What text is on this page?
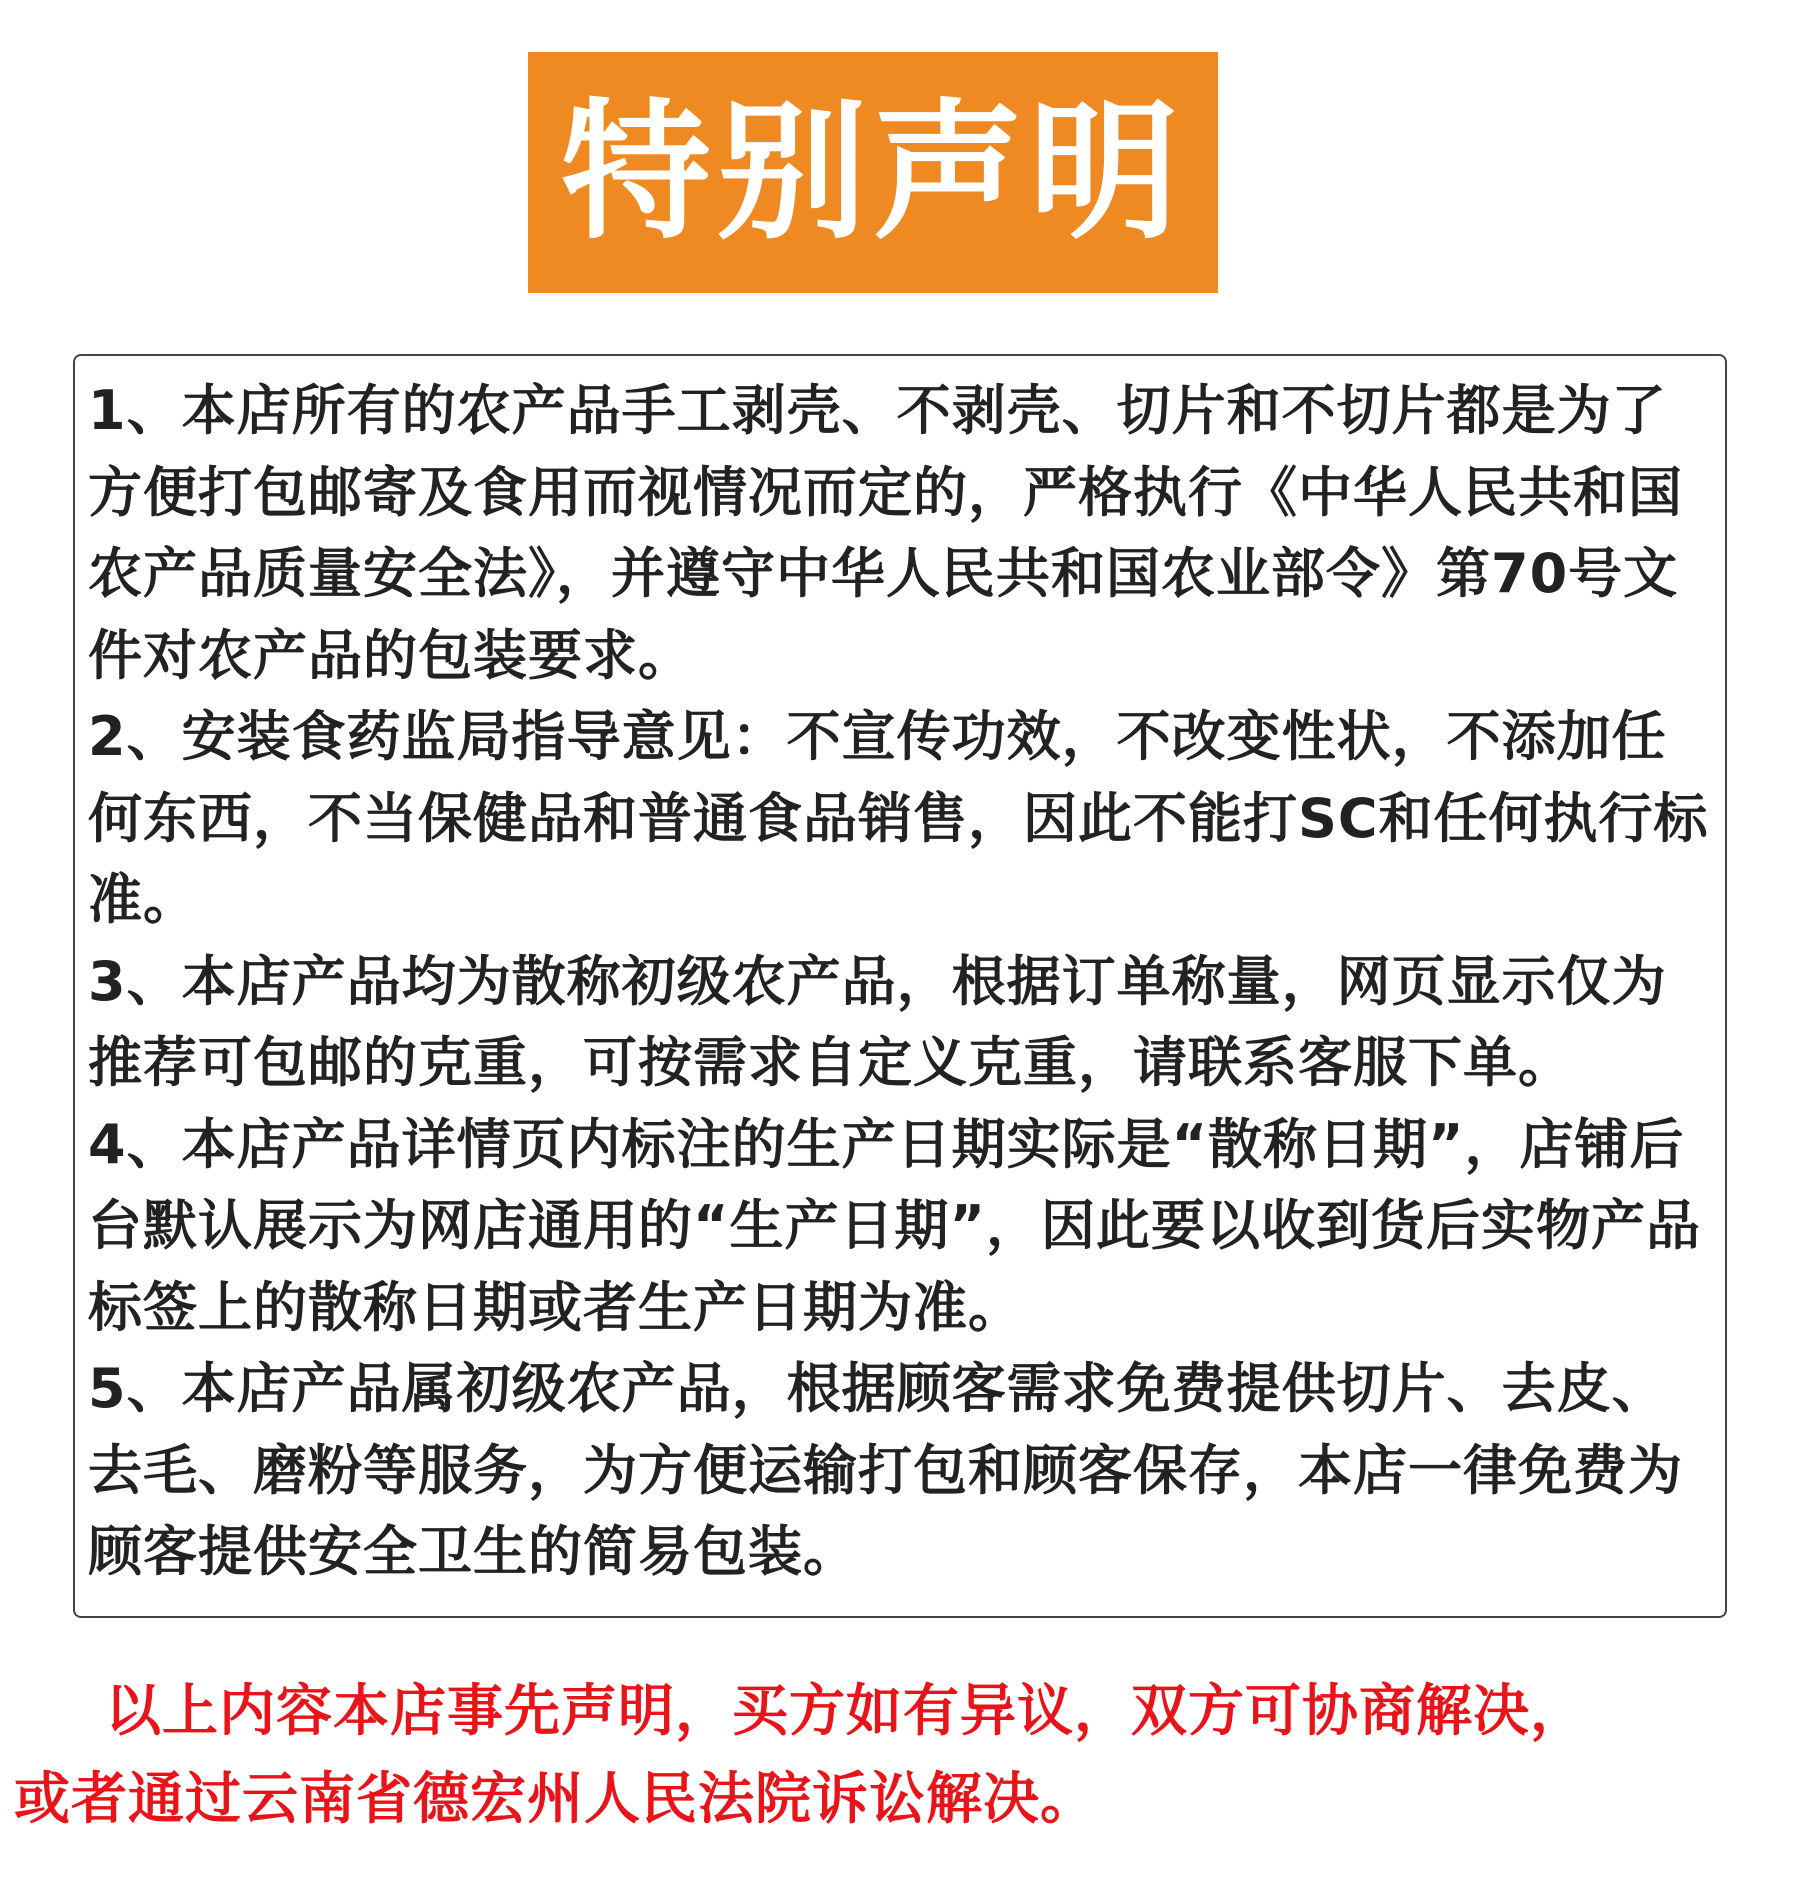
特别声明
1、本店所有的农产品手工剥壳、不剥壳、切片和不切片都是为了方便打包邮寄及食用而视情况而定的，严格执行《中华人民共和国农产品质量安全法》，并遵守中华人民共和国农业部令》第70号文件对农产品的包装要求。
2、安装食药监局指导意见：不宣传功效，不改变性状，不添加任何东西，不当保健品和普通食品销售，因此不能打SC和任何执行标准。
3、本店产品均为散称初级农产品，根据订单称量，网页显示仅为推荐可包邮的克重，可按需求自定义克重，请联系客服下单。
4、本店产品详情页内标注的生产日期实际是“散称日期”，店铺后台默认展示为网店通用的“生产日期”，因此要以收到货后实物产品标签上的散称日期或者生产日期为准。
5、本店产品属初级农产品，根据顾客需求免费提供切片、去皮、去毛、磨粉等服务，为方便运输打包和顾客保存，本店一律免费为顾客提供安全卫生的简易包装。
以上内容本店事先声明，买方如有异议，双方可协商解决，
或者通过云南省德宏州人民法院诉讼解决。
